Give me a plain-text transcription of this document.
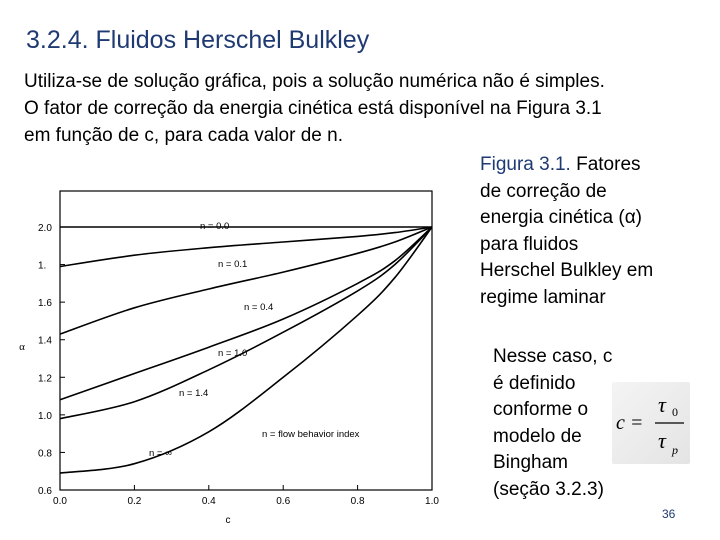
3.2.4. Fluidos Herschel Bulkley
Utiliza-se de solução gráfica, pois a solução numérica não é simples.
O fator de correção da energia cinética está disponível na Figura 3.1
em função de c, para cada valor de n.
Figura 3.1. Fatores
de correção de
energia cinética (α)
para fluidos
Herschel Bulkley em
regime laminar
Nesse caso, c
é definido
conforme o
modelo de
Bingham
(seção 3.2.3)
c =
τ 0
τ p
36
0.6
0.8
1.0
1.2
1.4
1.6
1.
2.0
0.0	0.2	0.4	0.6	0.8	1.0
c
α
n = 0.0
n = 0.1
n = 0.4
n = 1.0
n = 1.4
n = ∞
n = flow behavior index
